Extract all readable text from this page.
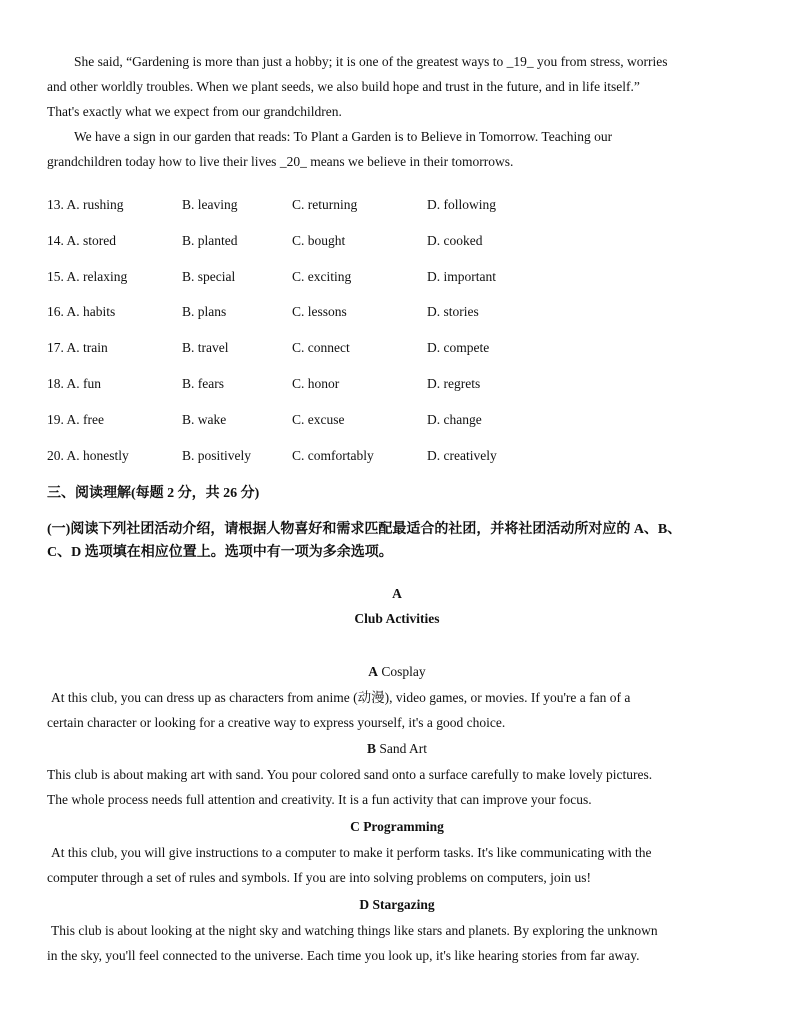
She said, “Gardening is more than just a hobby; it is one of the greatest ways to _19_ you from stress, worries
and other worldly troubles. When we plant seeds, we also build hope and trust in the future, and in life itself.”
That's exactly what we expect from our grandchildren.
We have a sign in our garden that reads: To Plant a Garden is to Believe in Tomorrow. Teaching our
grandchildren today how to live their lives _20_ means we believe in their tomorrows.
13. A. rushing	B. leaving	C. returning	D. following
14. A. stored	B. planted	C. bought	D. cooked
15. A. relaxing	B. special	C. exciting	D. important
16. A. habits	B. plans	C. lessons	D. stories
17. A. train	B. travel	C. connect	D. compete
18. A. fun	B. fears	C. honor	D. regrets
19. A. free	B. wake	C. excuse	D. change
20. A. honestly	B. positively	C. comfortably	D. creatively
三、阅读理解(每题 2 分，共 26 分)
(一)阅读下列社团活动介绍，请根据人物喜好和需求匹配最适合的社团，并将社团活动所对应的 A、B、
C、D 选项填在相应位置上。选项中有一项为多余选项。
A
Club Activities
A Cosplay
At this club, you can dress up as characters from anime (动漫), video games, or movies. If you're a fan of a
certain character or looking for a creative way to express yourself, it's a good choice.
B Sand Art
This club is about making art with sand. You pour colored sand onto a surface carefully to make lovely pictures.
The whole process needs full attention and creativity. It is a fun activity that can improve your focus.
C Programming
At this club, you will give instructions to a computer to make it perform tasks. It's like communicating with the
computer through a set of rules and symbols. If you are into solving problems on computers, join us!
D Stargazing
This club is about looking at the night sky and watching things like stars and planets. By exploring the unknown
in the sky, you'll feel connected to the universe. Each time you look up, it's like hearing stories from far away.
